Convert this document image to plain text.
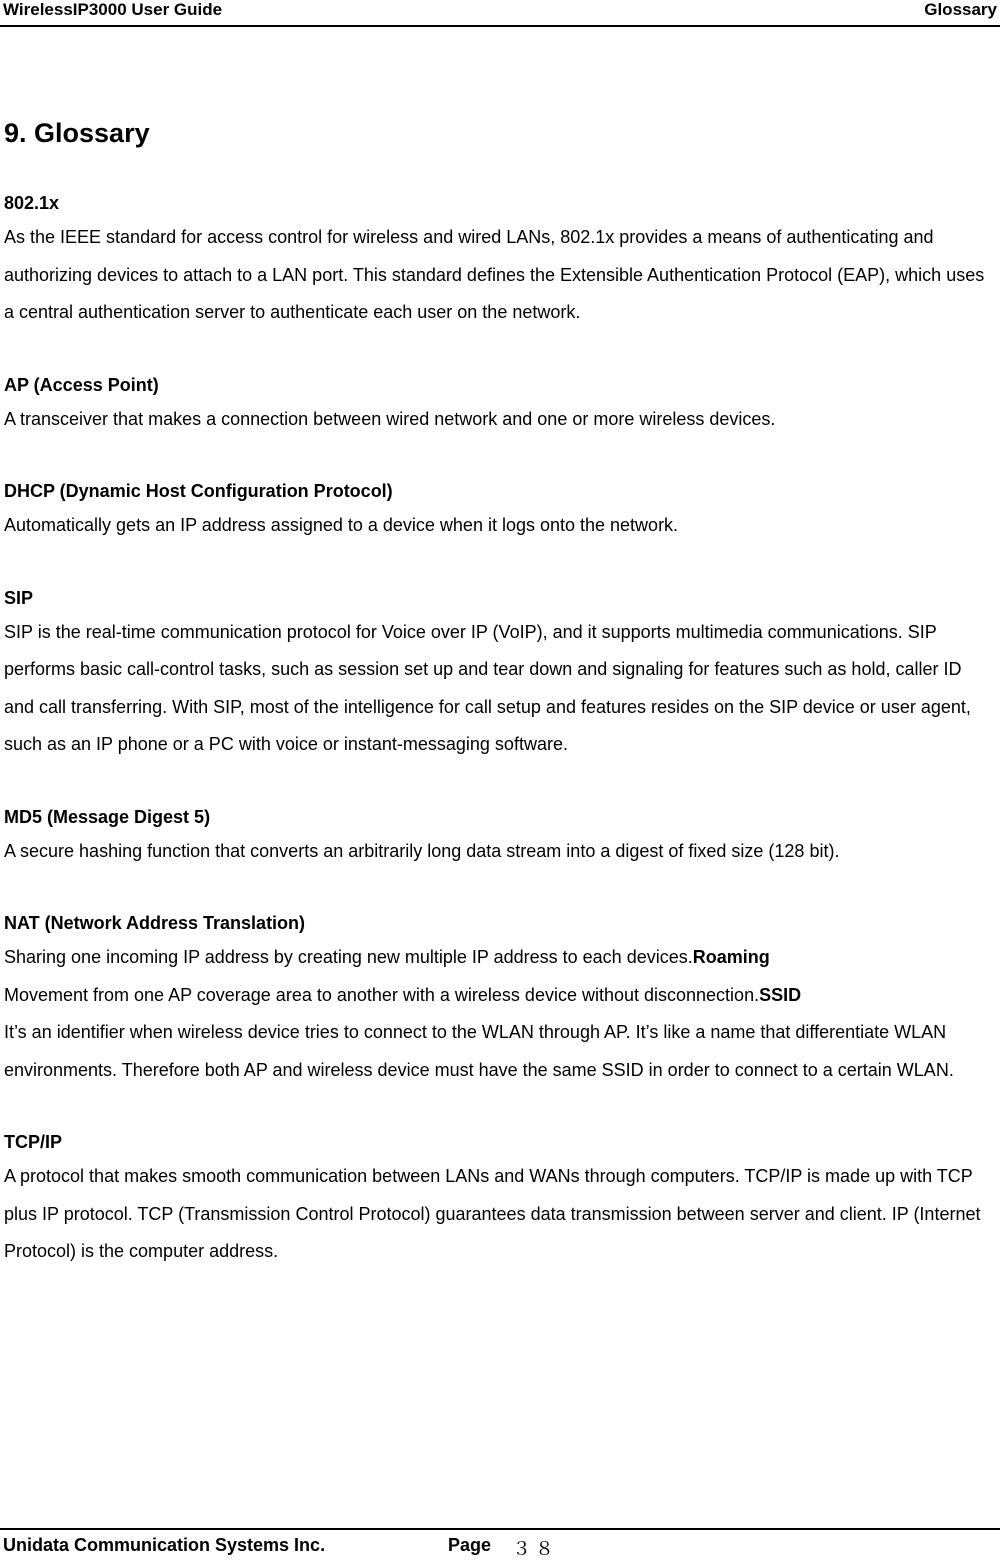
WirelessIP3000 User Guide	Glossary
9. Glossary
802.1x
As the IEEE standard for access control for wireless and wired LANs, 802.1x provides a means of authenticating and authorizing devices to attach to a LAN port. This standard defines the Extensible Authentication Protocol (EAP), which uses a central authentication server to authenticate each user on the network.
AP (Access Point)
A transceiver that makes a connection between wired network and one or more wireless devices.
DHCP (Dynamic Host Configuration Protocol)
Automatically gets an IP address assigned to a device when it logs onto the network.
SIP
SIP is the real-time communication protocol for Voice over IP (VoIP), and it supports multimedia communications. SIP performs basic call-control tasks, such as session set up and tear down and signaling for features such as hold, caller ID and call transferring. With SIP, most of the intelligence for call setup and features resides on the SIP device or user agent, such as an IP phone or a PC with voice or instant-messaging software.
MD5 (Message Digest 5)
A secure hashing function that converts an arbitrarily long data stream into a digest of fixed size (128 bit).
NAT (Network Address Translation)
Sharing one incoming IP address by creating new multiple IP address to each devices.Roaming
Movement from one AP coverage area to another with a wireless device without disconnection.SSID
It’s an identifier when wireless device tries to connect to the WLAN through AP. It’s like a name that differentiate WLAN environments. Therefore both AP and wireless device must have the same SSID in order to connect to a certain WLAN.
TCP/IP
A protocol that makes smooth communication between LANs and WANs through computers. TCP/IP is made up with TCP plus IP protocol. TCP (Transmission Control Protocol) guarantees data transmission between server and client. IP (Internet Protocol) is the computer address.
Unidata Communication Systems Inc.	Page ３８
